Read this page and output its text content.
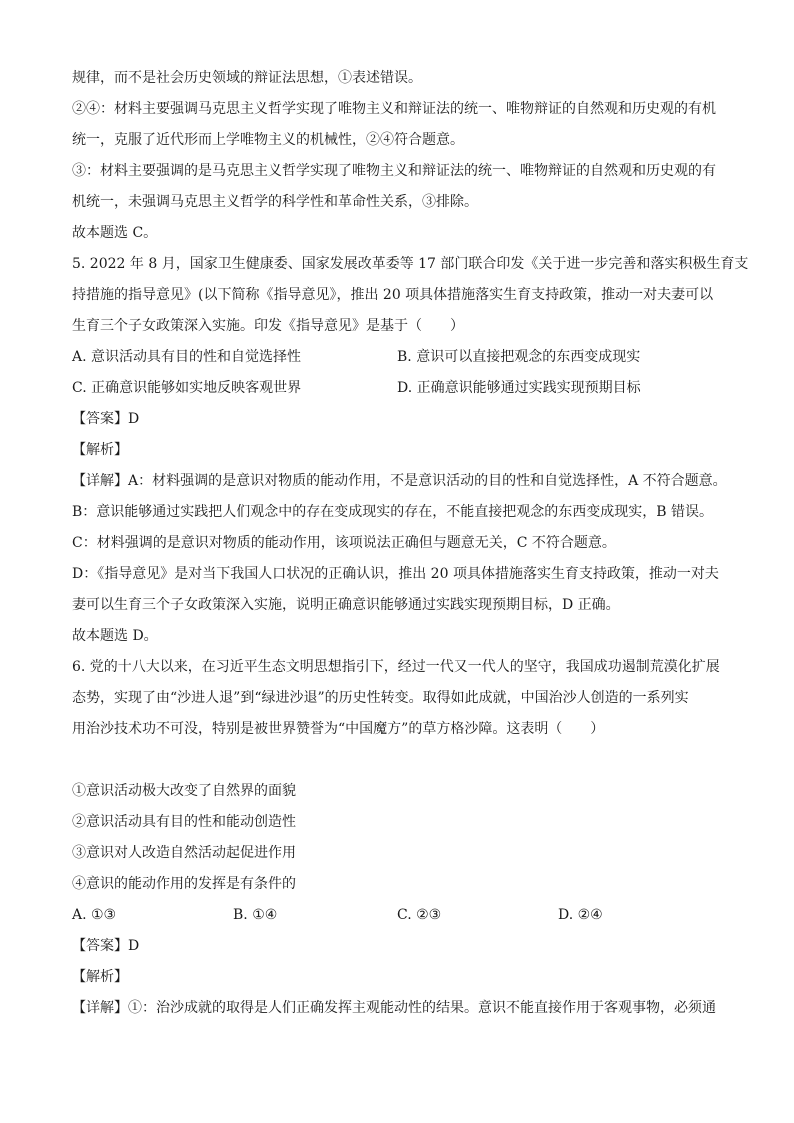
规律，而不是社会历史领域的辩证法思想，①表述错误。
②④：材料主要强调马克思主义哲学实现了唯物主义和辩证法的统一、唯物辩证的自然观和历史观的有机
统一，克服了近代形而上学唯物主义的机械性，②④符合题意。
③：材料主要强调的是马克思主义哲学实现了唯物主义和辩证法的统一、唯物辩证的自然观和历史观的有
机统一，未强调马克思主义哲学的科学性和革命性关系，③排除。
故本题选 C。
5. 2022 年 8 月，国家卫生健康委、国家发展改革委等 17 部门联合印发《关于进一步完善和落实积极生育支
持措施的指导意见》(以下简称《指导意见》，推出 20 项具体措施落实生育支持政策，推动一对夫妻可以
生育三个子女政策深入实施。印发《指导意见》是基于（　　）
A. 意识活动具有目的性和自觉选择性	B. 意识可以直接把观念的东西变成现实
C. 正确意识能够如实地反映客观世界	D. 正确意识能够通过实践实现预期目标
【答案】D
【解析】
【详解】A：材料强调的是意识对物质的能动作用，不是意识活动的目的性和自觉选择性，A 不符合题意。
B：意识能够通过实践把人们观念中的存在变成现实的存在，不能直接把观念的东西变成现实，B 错误。
C：材料强调的是意识对物质的能动作用，该项说法正确但与题意无关，C 不符合题意。
D：《指导意见》是对当下我国人口状况的正确认识，推出 20 项具体措施落实生育支持政策，推动一对夫
妻可以生育三个子女政策深入实施，说明正确意识能够通过实践实现预期目标，D 正确。
故本题选 D。
6. 党的十八大以来，在习近平生态文明思想指引下，经过一代又一代人的坚守，我国成功遏制荒漠化扩展
态势，实现了由“沙进人退”到“绿进沙退”的历史性转变。取得如此成就，中国治沙人创造的一系列实
用治沙技术功不可没，特别是被世界赞誉为“中国魔方”的草方格沙障。这表明（　　）
①意识活动极大改变了自然界的面貌
②意识活动具有目的性和能动创造性
③意识对人改造自然活动起促进作用
④意识的能动作用的发挥是有条件的
A. ①③	B. ①④	C. ②③	D. ②④
【答案】D
【解析】
【详解】①：治沙成就的取得是人们正确发挥主观能动性的结果。意识不能直接作用于客观事物，必须通
